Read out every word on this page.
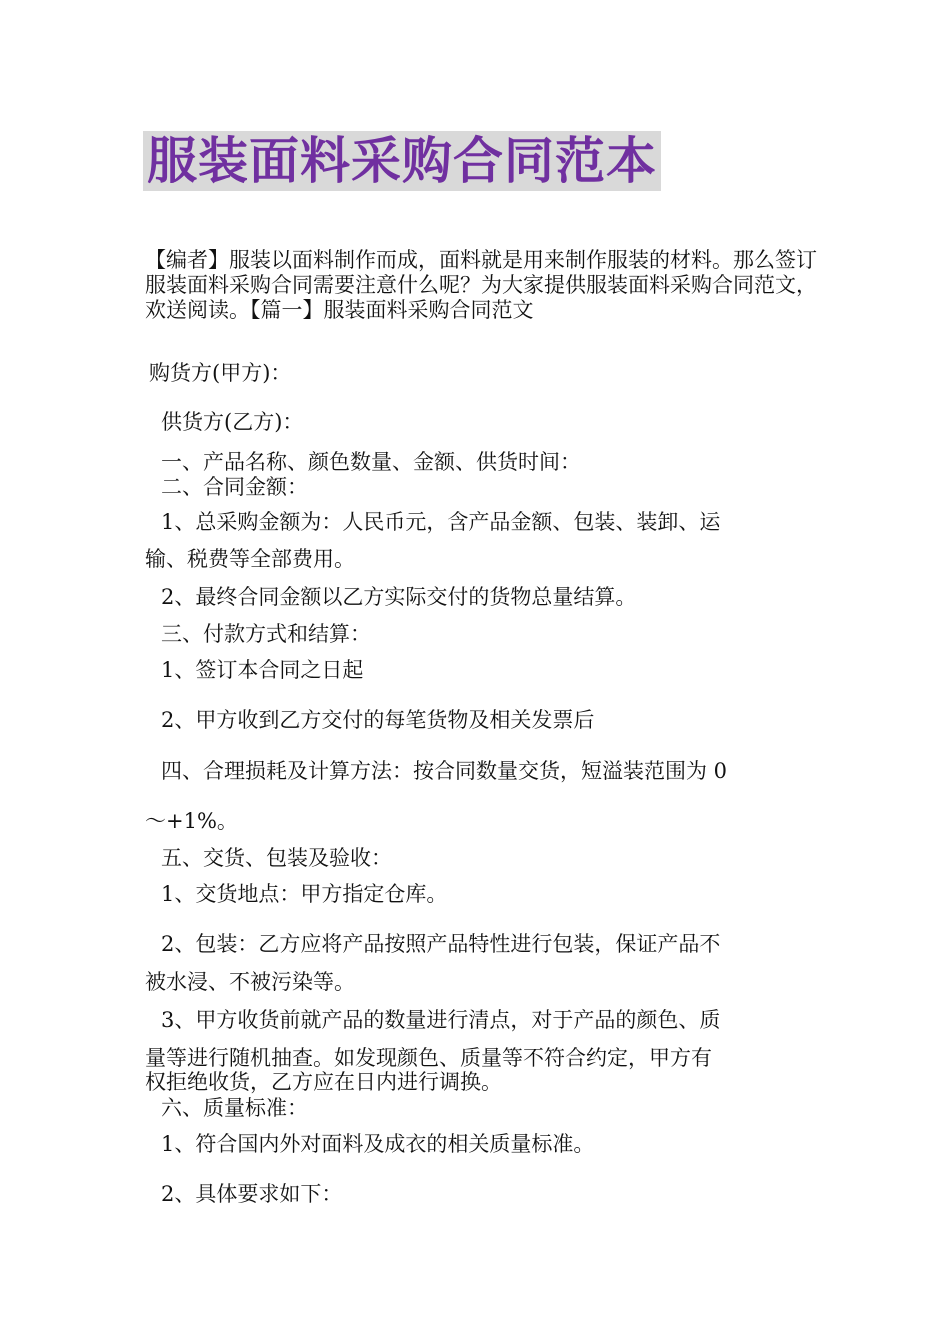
服装面料采购合同范本
【编者】服装以面料制作而成，面料就是用来制作服装的材料。那么签订服装面料采购合同需要注意什么呢？为大家提供服装面料采购合同范文，欢送阅读。【篇一】服装面料采购合同范文
购货方(甲方)：
供货方(乙方)：
一、产品名称、颜色数量、金额、供货时间：
二、合同金额：
1、总采购金额为：人民币元，含产品金额、包装、装卸、运
输、税费等全部费用。
2、最终合同金额以乙方实际交付的货物总量结算。
三、付款方式和结算：
1、签订本合同之日起
2、甲方收到乙方交付的每笔货物及相关发票后
四、合理损耗及计算方法：按合同数量交货，短溢装范围为 0
～+1%。
五、交货、包装及验收：
1、交货地点：甲方指定仓库。
2、包装：乙方应将产品按照产品特性进行包装，保证产品不
被水浸、不被污染等。
3、甲方收货前就产品的数量进行清点，对于产品的颜色、质
量等进行随机抽查。如发现颜色、质量等不符合约定，甲方有
权拒绝收货，乙方应在日内进行调换。
六、质量标准：
1、符合国内外对面料及成衣的相关质量标准。
2、具体要求如下：
